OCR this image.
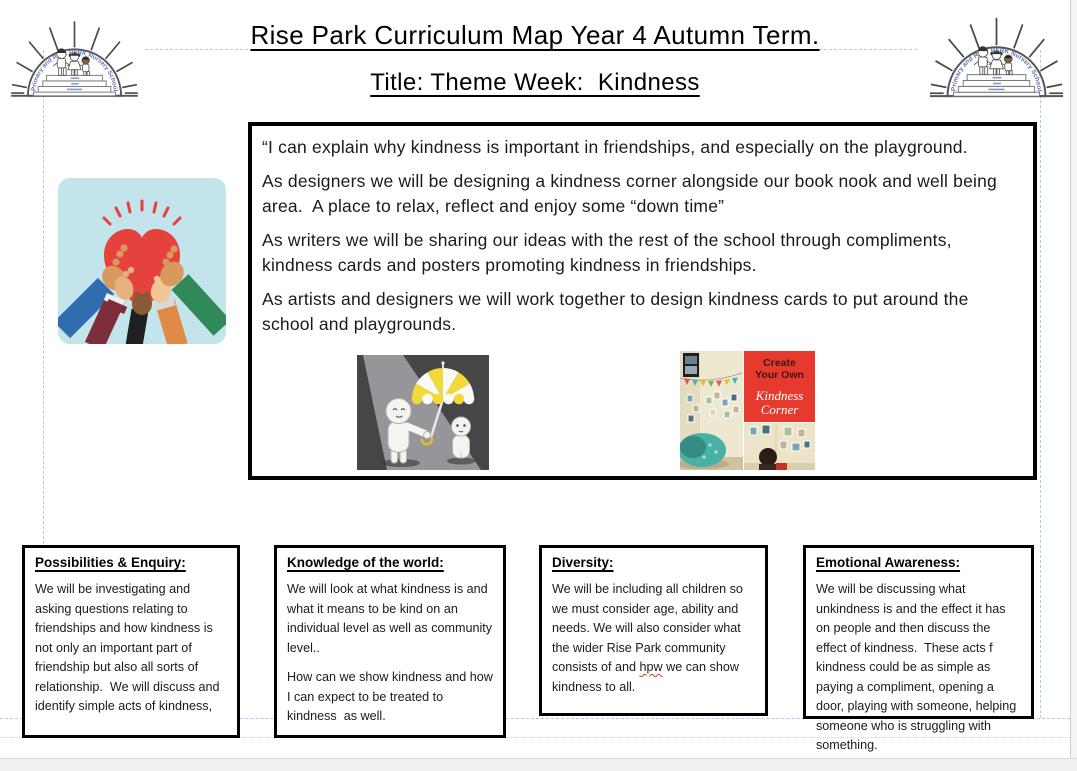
Rise Park Curriculum Map Year 4 Autumn Term.
Title: Theme Week:  Kindness

“I can explain why kindness is important in friendships, and especially on the playground.

As designers we will be designing a kindness corner alongside our book nook and well being area.  A place to relax, reflect and enjoy some “down time”

As writers we will be sharing our ideas with the rest of the school through compliments, kindness cards and posters promoting kindness in friendships.

As artists and designers we will work together to design kindness cards to put around the school and playgrounds.

Create
Your Own
Kindness
Corner
Possibilities & Enquiry:

We will be investigating and asking questions relating to friendships and how kindness is not only an important part of friendship but also all sorts of relationship.  We will discuss and identify simple acts of kindness,

Knowledge of the world:

We will look at what kindness is and what it means to be kind on an individual level as well as community level..

How can we show kindness and how I can expect to be treated to  kindness  as well.

Diversity:

We will be including all children so we must consider age, ability and needs. We will also consider what the wider Rise Park community consists of and hpw we can show kindness to all.

Emotional Awareness:

We will be discussing what unkindness is and the effect it has on people and then discuss the effect of kindness.  These acts f kindness could be as simple as paying a compliment, opening a door, playing with someone, helping someone who is struggling with something.
